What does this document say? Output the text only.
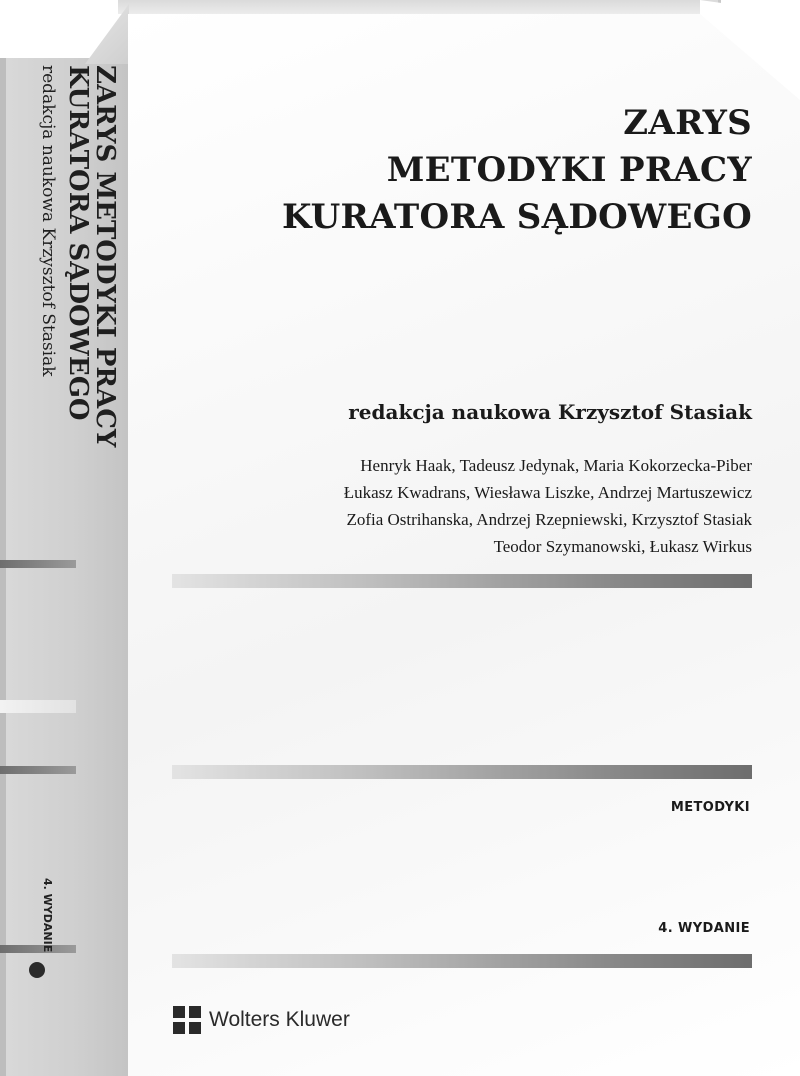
ZARYS METODYKI PRACY
KURATORA SĄDOWEGO
redakcja naukowa Krzysztof Stasiak
4. WYDANIE
ZARYS
METODYKI PRACY
KURATORA SĄDOWEGO
redakcja naukowa Krzysztof Stasiak
Henryk Haak, Tadeusz Jedynak, Maria Kokorzecka-Piber
Łukasz Kwadrans, Wiesława Liszke, Andrzej Martuszewicz
Zofia Ostrihanska, Andrzej Rzepniewski, Krzysztof Stasiak
Teodor Szymanowski, Łukasz Wirkus
METODYKI
4. WYDANIE
Wolters Kluwer
